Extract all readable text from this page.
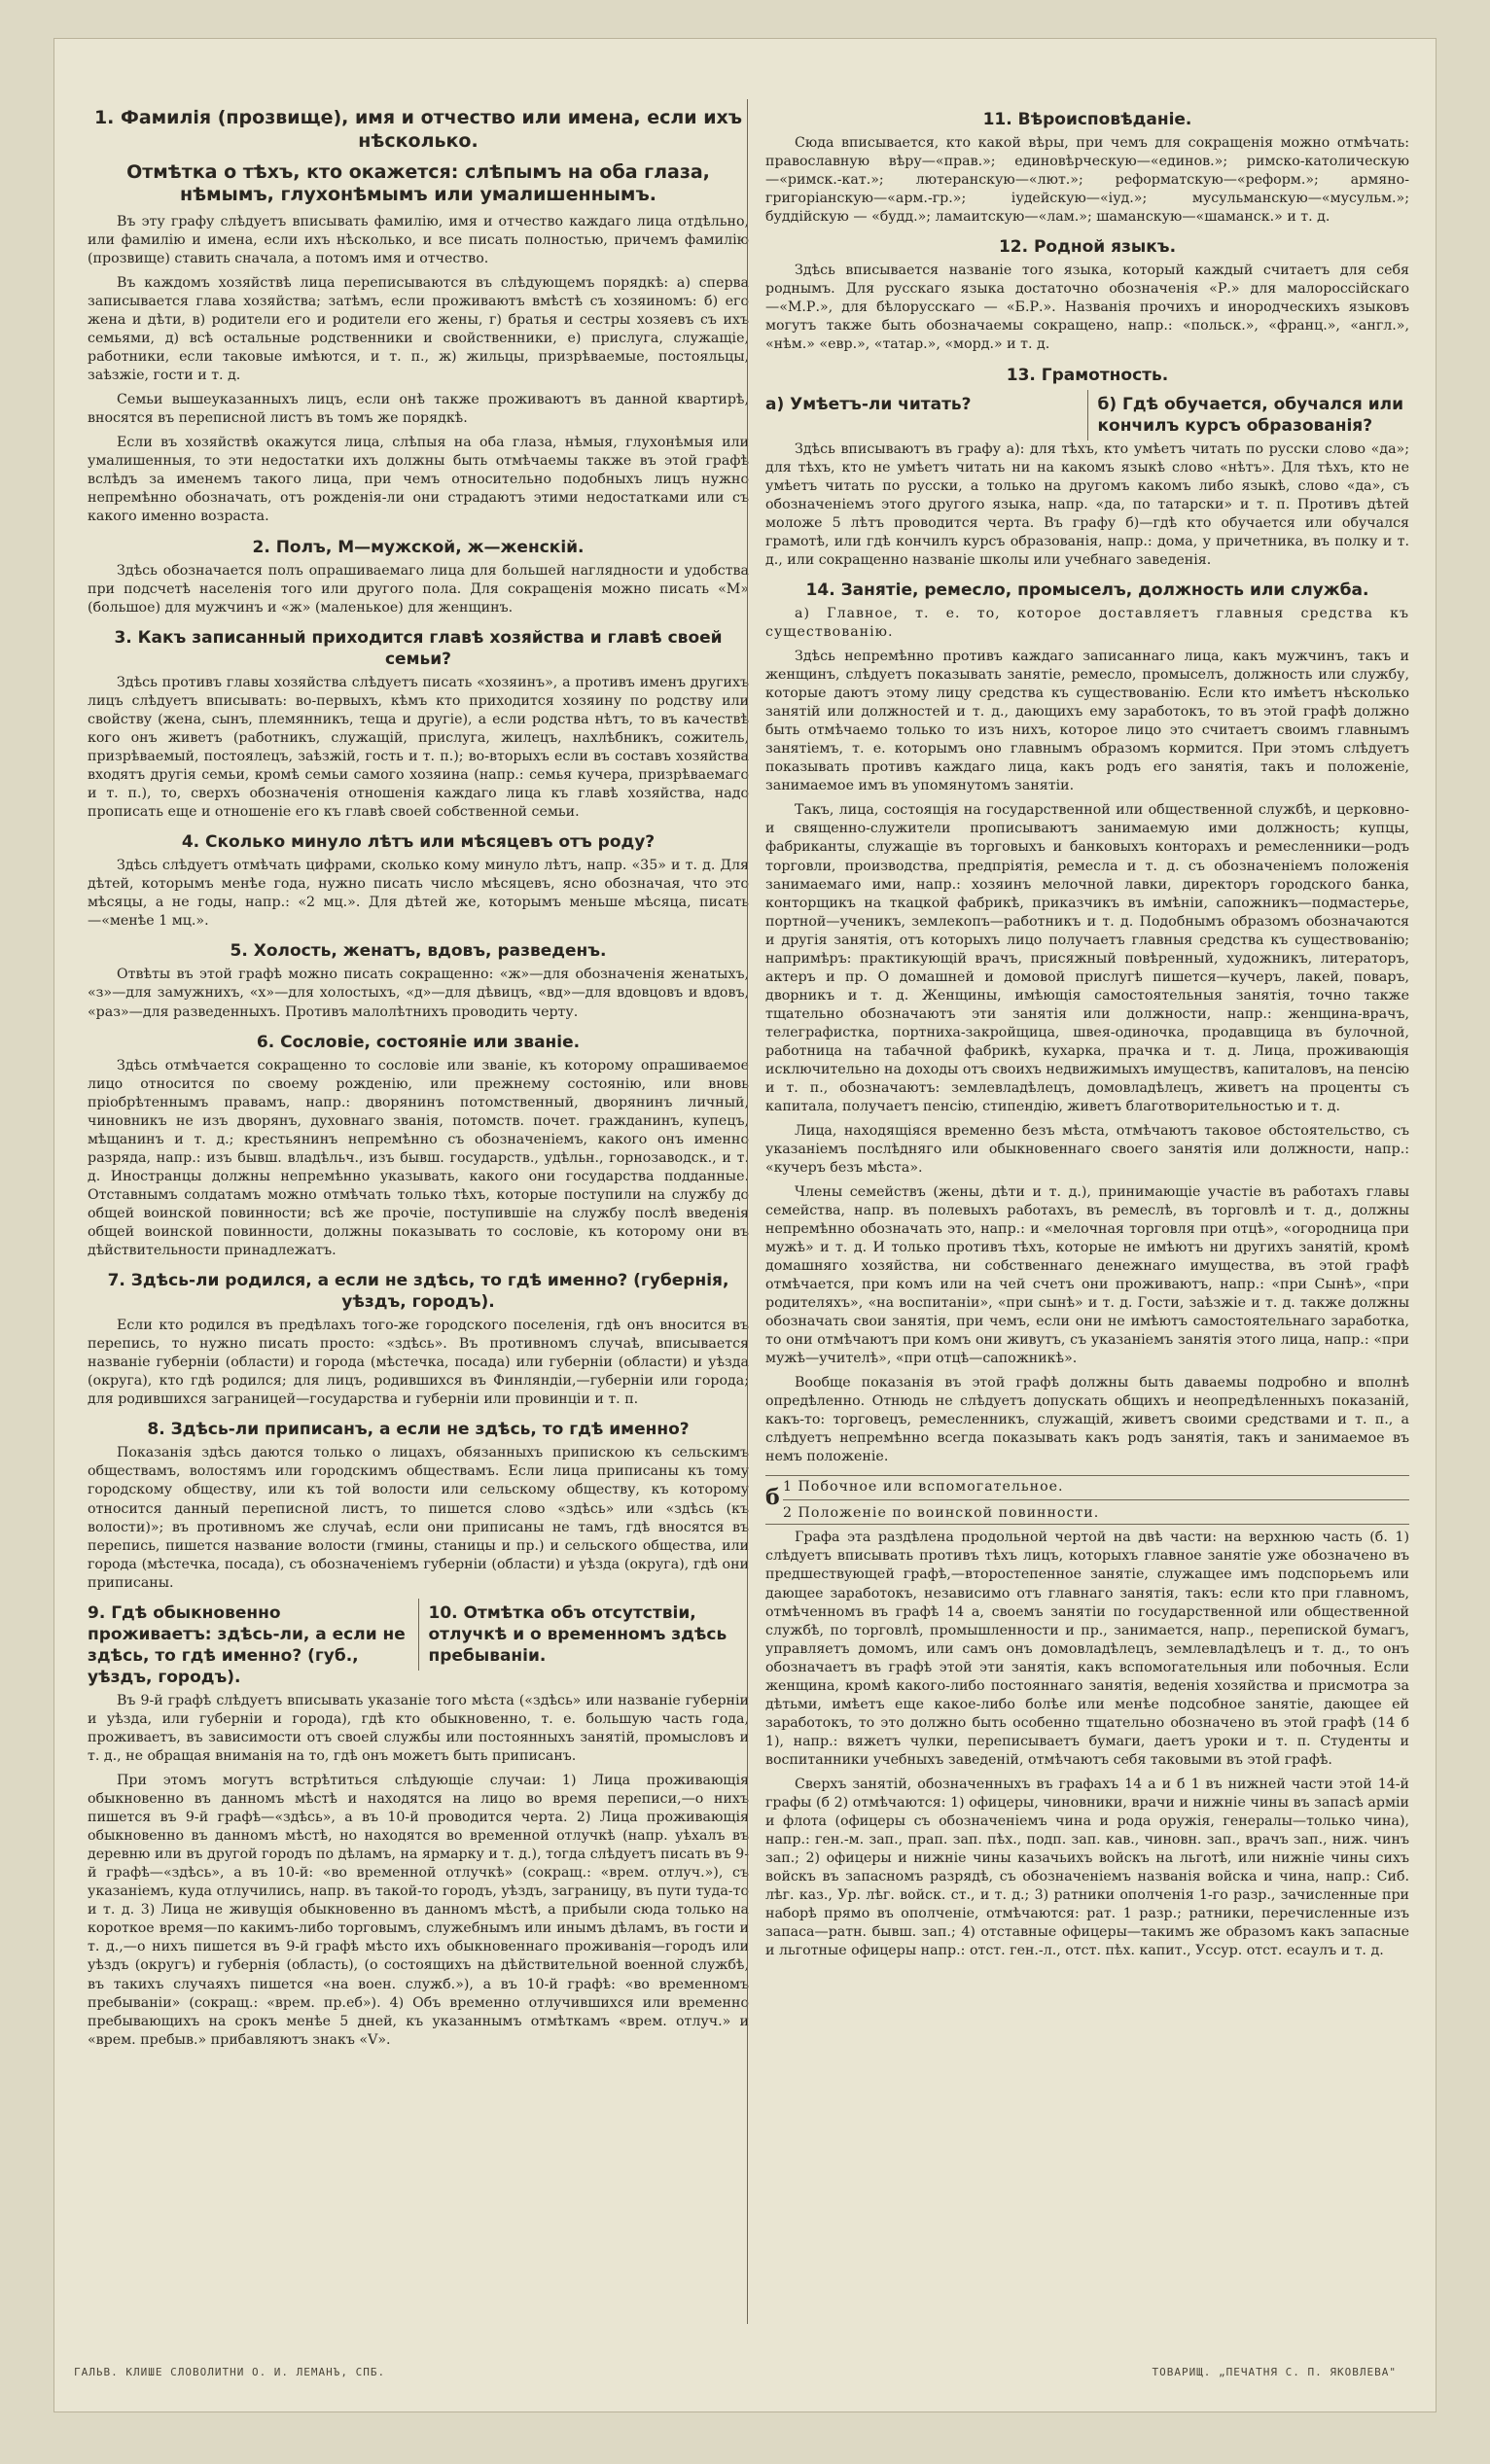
1. Фамилія (прозвище), имя и отчество или имена, если ихъ нѣсколько.
Отмѣтка о тѣхъ, кто окажется: слѣпымъ на оба глаза, нѣмымъ, глухонѣмымъ или умалишеннымъ.

Въ эту графу слѣдуетъ вписывать фамилію, имя и отчество каждаго лица отдѣльно, или фамилію и имена, если ихъ нѣсколько, и все писать полностью, причемъ фамилію (прозвище) ставить сначала, а потомъ имя и отчество.

Въ каждомъ хозяйствѣ лица переписываются въ слѣдующемъ порядкѣ: а) сперва записывается глава хозяйства; затѣмъ, если проживаютъ вмѣстѣ съ хозяиномъ: б) его жена и дѣти, в) родители его и родители его жены, г) братья и сестры хозяевъ съ ихъ семьями, д) всѣ остальные родственники и свойственники, е) прислуга, служащіе, работники, если таковые имѣются, и т. п., ж) жильцы, призрѣваемые, постояльцы, заѣзжіе, гости и т. д.

Семьи вышеуказанныхъ лицъ, если онѣ также проживаютъ въ данной квартирѣ, вносятся въ переписной листъ въ томъ же порядкѣ.

Если въ хозяйствѣ окажутся лица, слѣпыя на оба глаза, нѣмыя, глухонѣмыя или умалишенныя, то эти недостатки ихъ должны быть отмѣчаемы также въ этой графѣ вслѣдъ за именемъ такого лица, при чемъ относительно подобныхъ лицъ нужно непремѣнно обозначать, отъ рожденія-ли они страдаютъ этими недостатками или съ какого именно возраста.

2. Полъ, М—мужской, ж—женскій.

Здѣсь обозначается полъ опрашиваемаго лица для большей наглядности и удобства при подсчетѣ населенія того или другого пола. Для сокращенія можно писать «М» (большое) для мужчинъ и «ж» (маленькое) для женщинъ.

3. Какъ записанный приходится главѣ хозяйства и главѣ своей семьи?

Здѣсь противъ главы хозяйства слѣдуетъ писать «хозяинъ», а противъ именъ другихъ лицъ слѣдуетъ вписывать: во-первыхъ, кѣмъ кто приходится хозяину по родству или свойству (жена, сынъ, племянникъ, теща и другіе), а если родства нѣтъ, то въ качествѣ кого онъ живетъ (работникъ, служащій, прислуга, жилецъ, нахлѣбникъ, сожитель, призрѣваемый, постоялецъ, заѣзжій, гость и т. п.); во-вторыхъ если въ составъ хозяйства входятъ другія семьи, кромѣ семьи самого хозяина (напр.: семья кучера, призрѣваемаго и т. п.), то, сверхъ обозначенія отношенія каждаго лица къ главѣ хозяйства, надо прописать еще и отношеніе его къ главѣ своей собственной семьи.

4. Сколько минуло лѣтъ или мѣсяцевъ отъ роду?

Здѣсь слѣдуетъ отмѣчать цифрами, сколько кому минуло лѣтъ, напр. «35» и т. д. Для дѣтей, которымъ менѣе года, нужно писать число мѣсяцевъ, ясно обозначая, что это мѣсяцы, а не годы, напр.: «2 мц.». Для дѣтей же, которымъ меньше мѣсяца, писать—«менѣе 1 мц.».

5. Холость, женатъ, вдовъ, разведенъ.

Отвѣты въ этой графѣ можно писать сокращенно: «ж»—для обозначенія женатыхъ, «з»—для замужнихъ, «х»—для холостыхъ, «д»—для дѣвицъ, «вд»—для вдовцовъ и вдовъ, «раз»—для разведенныхъ. Противъ малолѣтнихъ проводить черту.

6. Сословіе, состояніе или званіе.

Здѣсь отмѣчается сокращенно то сословіе или званіе, къ которому опрашиваемое лицо относится по своему рожденію, или прежнему состоянію, или вновь пріобрѣтеннымъ правамъ, напр.: дворянинъ потомственный, дворянинъ личный, чиновникъ не изъ дворянъ, духовнаго званія, потомств. почет. гражданинъ, купецъ, мѣщанинъ и т. д.; крестьянинъ непремѣнно съ обозначеніемъ, какого онъ именно разряда, напр.: изъ бывш. владѣльч., изъ бывш. государств., удѣльн., горнозаводск., и т. д. Иностранцы должны непремѣнно указывать, какого они государства подданные. Отставнымъ солдатамъ можно отмѣчать только тѣхъ, которые поступили на службу до общей воинской повинности; всѣ же прочіе, поступившіе на службу послѣ введенія общей воинской повинности, должны показывать то сословіе, къ которому они въ дѣйствительности принадлежатъ.

7. Здѣсь-ли родился, а если не здѣсь, то гдѣ именно? (губернія, уѣздъ, городъ).

Если кто родился въ предѣлахъ того-же городского поселенія, гдѣ онъ вносится въ перепись, то нужно писать просто: «здѣсь». Въ противномъ случаѣ, вписывается названіе губерніи (области) и города (мѣстечка, посада) или губерніи (области) и уѣзда (округа), кто гдѣ родился; для лицъ, родившихся въ Финляндіи,—губерніи или города; для родившихся заграницей—государства и губерніи или провинціи и т. п.

8. Здѣсь-ли приписанъ, а если не здѣсь, то гдѣ именно?

Показанія здѣсь даются только о лицахъ, обязанныхъ припискою къ сельскимъ обществамъ, волостямъ или городскимъ обществамъ. Если лица приписаны къ тому городскому обществу, или къ той волости или сельскому обществу, къ которому относится данный переписной листъ, то пишется слово «здѣсь» или «здѣсь (къ волости)»; въ противномъ же случаѣ, если они приписаны не тамъ, гдѣ вносятся въ перепись, пишется название волости (гмины, станицы и пр.) и сельского общества, или города (мѣстечка, посада), съ обозначеніемъ губерніи (области) и уѣзда (округа), гдѣ они приписаны.

9. Гдѣ обыкновенно проживаетъ: здѣсь-ли, а если не здѣсь, то гдѣ именно? (губ., уѣздъ, городъ).
10. Отмѣтка объ отсутствіи, отлучкѣ и о временномъ здѣсь пребываніи.

Въ 9-й графѣ слѣдуетъ вписывать указаніе того мѣста («здѣсь» или названіе губерніи и уѣзда, или губерніи и города), гдѣ кто обыкновенно, т. е. большую часть года, проживаетъ, въ зависимости отъ своей службы или постоянныхъ занятій, промысловъ и т. д., не обращая вниманія на то, гдѣ онъ можетъ быть приписанъ.

При этомъ могутъ встрѣтиться слѣдующіе случаи: 1) Лица проживающія обыкновенно въ данномъ мѣстѣ и находятся на лицо во время переписи,—о нихъ пишется въ 9-й графѣ—«здѣсь», а въ 10-й проводится черта. 2) Лица проживающія обыкновенно въ данномъ мѣстѣ, но находятся во временной отлучкѣ (напр. уѣхалъ въ деревню или въ другой городъ по дѣламъ, на ярмарку и т. д.), тогда слѣдуетъ писать въ 9-й графѣ—«здѣсь», а въ 10-й: «во временной отлучкѣ» (сокращ.: «врем. отлуч.»), съ указаніемъ, куда отлучились, напр. въ такой-то городъ, уѣздъ, заграницу, въ пути туда-то и т. д. 3) Лица не живущія обыкновенно въ данномъ мѣстѣ, а прибыли сюда только на короткое время—по какимъ-либо торговымъ, служебнымъ или инымъ дѣламъ, въ гости и т. д.,—о нихъ пишется въ 9-й графѣ мѣсто ихъ обыкновеннаго проживанія—городъ или уѣздъ (округъ) и губернія (область), (о состоящихъ на дѣйствительной военной службѣ, въ такихъ случаяхъ пишется «на воен. служб.»), а въ 10-й графѣ: «во временномъ пребываніи» (сокращ.: «врем. пр.еб»). 4) Объ временно отлучившихся или временно пребывающихъ на срокъ менѣе 5 дней, къ указаннымъ отмѣткамъ «врем. отлуч.» и «врем. пребыв.» прибавляютъ знакъ «V».

11. Вѣроисповѣданіе.

Сюда вписывается, кто какой вѣры, при чемъ для сокращенія можно отмѣчать: православную вѣру—«прав.»; единовѣрческую—«единов.»; римско-католическую—«римск.-кат.»; лютеранскую—«лют.»; реформатскую—«реформ.»; армяно-григоріанскую—«арм.-гр.»; іудейскую—«іуд.»; мусульманскую—«мусульм.»; буддійскую — «будд.»; ламаитскую—«лам.»; шаманскую—«шаманск.» и т. д.

12. Родной языкъ.

Здѣсь вписывается названіе того языка, который каждый считаетъ для себя роднымъ. Для русскаго языка достаточно обозначенія «Р.» для малороссійскаго—«М.Р.», для бѣлорусскаго — «Б.Р.». Названія прочихъ и инородческихъ языковъ могутъ также быть обозначаемы сокращено, напр.: «польск.», «франц.», «англ.», «нѣм.» «евр.», «татар.», «морд.» и т. д.

13. Грамотность.
а) Умѣетъ-ли читать?	б) Гдѣ обучается, обучался или кончилъ курсъ образованія?

Здѣсь вписываютъ въ графу а): для тѣхъ, кто умѣетъ читать по русски слово «да»; для тѣхъ, кто не умѣетъ читать ни на какомъ языкѣ слово «нѣтъ». Для тѣхъ, кто не умѣетъ читать по русски, а только на другомъ какомъ либо языкѣ, слово «да», съ обозначеніемъ этого другого языка, напр. «да, по татарски» и т. п. Противъ дѣтей моложе 5 лѣтъ проводится черта. Въ графу б)—гдѣ кто обучается или обучался грамотѣ, или гдѣ кончилъ курсъ образованія, напр.: дома, у причетника, въ полку и т. д., или сокращенно названіе школы или учебнаго заведенія.

14. Занятіе, ремесло, промыселъ, должность или служба.

а) Главное, т. е. то, которое доставляетъ главныя средства къ существованію.

Здѣсь непремѣнно противъ каждаго записаннаго лица, какъ мужчинъ, такъ и женщинъ, слѣдуетъ показывать занятіе, ремесло, промыселъ, должность или службу, которые даютъ этому лицу средства къ существованію. Если кто имѣетъ нѣсколько занятій или должностей и т. д., дающихъ ему заработокъ, то въ этой графѣ должно быть отмѣчаемо только то изъ нихъ, которое лицо это считаетъ своимъ главнымъ занятіемъ, т. е. которымъ оно главнымъ образомъ кормится. При этомъ слѣдуетъ показывать противъ каждаго лица, какъ родъ его занятія, такъ и положеніе, занимаемое имъ въ упомянутомъ занятіи.

Такъ, лица, состоящія на государственной или общественной службѣ, и церковно-и священно-служители прописываютъ занимаемую ими должность; купцы, фабриканты, служащіе въ торговыхъ и банковыхъ конторахъ и ремесленники—родъ торговли, производства, предпріятія, ремесла и т. д. съ обозначеніемъ положенія занимаемаго ими, напр.: хозяинъ мелочной лавки, директоръ городского банка, конторщикъ на ткацкой фабрикѣ, приказчикъ въ имѣніи, сапожникъ—подмастерье, портной—ученикъ, землекопъ—работникъ и т. д. Подобнымъ образомъ обозначаются и другія занятія, отъ которыхъ лицо получаетъ главныя средства къ существованію; напримѣръ: практикующій врачъ, присяжный повѣренный, художникъ, литераторъ, актеръ и пр. О домашней и домовой прислугѣ пишется—кучеръ, лакей, поваръ, дворникъ и т. д. Женщины, имѣющія самостоятельныя занятія, точно также тщательно обозначаютъ эти занятія или должности, напр.: женщина-врачъ, телеграфистка, портниха-закройщица, швея-одиночка, продавщица въ булочной, работница на табачной фабрикѣ, кухарка, прачка и т. д. Лица, проживающія исключительно на доходы отъ своихъ недвижимыхъ имуществъ, капиталовъ, на пенсію и т. п., обозначаютъ: землевладѣлецъ, домовладѣлецъ, живетъ на проценты съ капитала, получаетъ пенсію, стипендію, живетъ благотворительностью и т. д.

Лица, находящіяся временно безъ мѣста, отмѣчаютъ таковое обстоятельство, съ указаніемъ послѣдняго или обыкновеннаго своего занятія или должности, напр.: «кучеръ безъ мѣста».

Члены семействъ (жены, дѣти и т. д.), принимающіе участіе въ работахъ главы семейства, напр. въ полевыхъ работахъ, въ ремеслѣ, въ торговлѣ и т. д., должны непремѣнно обозначать это, напр.: и «мелочная торговля при отцѣ», «огородница при мужѣ» и т. д. И только противъ тѣхъ, которые не имѣютъ ни другихъ занятій, кромѣ домашняго хозяйства, ни собственнаго денежнаго имущества, въ этой графѣ отмѣчается, при комъ или на чей счетъ они проживаютъ, напр.: «при Сынѣ», «при родителяхъ», «на воспитаніи», «при сынѣ» и т. д. Гости, заѣзжіе и т. д. также должны обозначать свои занятія, при чемъ, если они не имѣютъ самостоятельнаго заработка, то они отмѣчаютъ при комъ они живутъ, съ указаніемъ занятія этого лица, напр.: «при мужѣ—учителѣ», «при отцѣ—сапожникѣ».

Вообще показанія въ этой графѣ должны быть даваемы подробно и вполнѣ опредѣленно. Отнюдь не слѣдуетъ допускать общихъ и неопредѣленныхъ показаній, какъ-то: торговецъ, ремесленникъ, служащій, живетъ своими средствами и т. п., а слѣдуетъ непремѣнно всегда показывать какъ родъ занятія, такъ и занимаемое въ немъ положеніе.

б 1 Побочное или вспомогательное.
2 Положеніе по воинской повинности.

Графа эта раздѣлена продольной чертой на двѣ части: на верхнюю часть (б. 1) слѣдуетъ вписывать противъ тѣхъ лицъ, которыхъ главное занятіе уже обозначено въ предшествующей графѣ,—второстепенное занятіе, служащее имъ подспорьемъ или дающее заработокъ, независимо отъ главнаго занятія, такъ: если кто при главномъ, отмѣченномъ въ графѣ 14 а, своемъ занятіи по государственной или общественной службѣ, по торговлѣ, промышленности и пр., занимается, напр., перепиской бумагъ, управляетъ домомъ, или самъ онъ домовладѣлецъ, землевладѣлецъ и т. д., то онъ обозначаетъ въ графѣ этой эти занятія, какъ вспомогательныя или побочныя. Если женщина, кромѣ какого-либо постояннаго занятія, веденія хозяйства и присмотра за дѣтьми, имѣетъ еще какое-либо болѣе или менѣе подсобное занятіе, дающее ей заработокъ, то это должно быть особенно тщательно обозначено въ этой графѣ (14 б 1), напр.: вяжетъ чулки, переписываетъ бумаги, даетъ уроки и т. п. Студенты и воспитанники учебныхъ заведеній, отмѣчаютъ себя таковыми въ этой графѣ.

Сверхъ занятій, обозначенныхъ въ графахъ 14 а и б 1 въ нижней части этой 14-й графы (б 2) отмѣчаются: 1) офицеры, чиновники, врачи и нижніе чины въ запасѣ арміи и флота (офицеры съ обозначеніемъ чина и рода оружія, генералы—только чина), напр.: ген.-м. зап., прап. зап. пѣх., подп. зап. кав., чиновн. зап., врачъ зап., ниж. чинъ зап.; 2) офицеры и нижніе чины казачьихъ войскъ на льготѣ, или нижніе чины сихъ войскъ въ запасномъ разрядѣ, съ обозначеніемъ названія войска и чина, напр.: Сиб. лѣг. каз., Ур. лѣг. войск. ст., и т. д.; 3) ратники ополченія 1-го разр., зачисленные при наборѣ прямо въ ополченіе, отмѣчаются: рат. 1 разр.; ратники, перечисленные изъ запаса—ратн. бывш. зап.; 4) отставные офицеры—такимъ же образомъ какъ запасные и льготные офицеры напр.: отст. ген.-л., отст. пѣх. капит., Уссур. отст. есаулъ и т. д.

ГАЛЬВ. КЛИШЕ СЛОВОЛИТНИ О. И. ЛЕМАНЪ, СПБ.	ТОВАРИЩ. „ПЕЧАТНЯ С. П. ЯКОВЛЕВА"
